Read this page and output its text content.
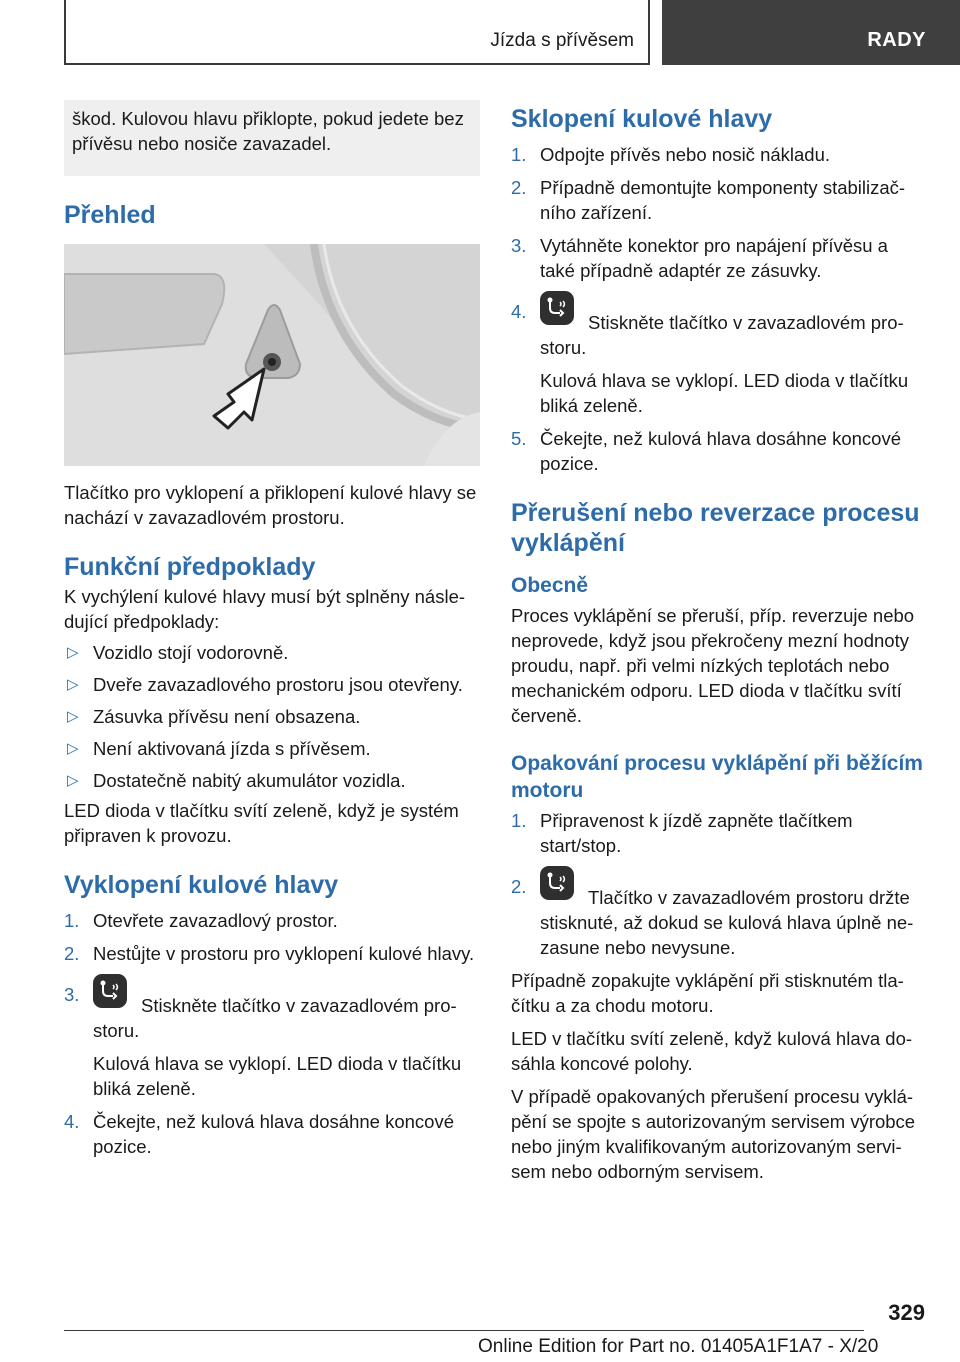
Jízda s přívěsem	RADY

škod. Kulovou hlavu přiklopte, pokud jedete bez přívěsu nebo nosiče zavazadel.

Přehled

Tlačítko pro vyklopení a přiklopení kulové hlavy se nachází v zavazadlovém prostoru.

Funkční předpoklady

K vychýlení kulové hlavy musí být splněny násle‐dující předpoklady:

▷ Vozidlo stojí vodorovně.
▷ Dveře zavazadlového prostoru jsou otevřeny.
▷ Zásuvka přívěsu není obsazena.
▷ Není aktivovaná jízda s přívěsem.
▷ Dostatečně nabitý akumulátor vozidla.

LED dioda v tlačítku svítí zeleně, když je systém připraven k provozu.

Vyklopení kulové hlavy
1. Otevřete zavazadlový prostor.
2. Nestůjte v prostoru pro vyklopení kulové hlavy.
3.
Stiskněte tlačítko v zavazadlovém pro‐storu.
Kulová hlava se vyklopí. LED dioda v tlačítku bliká zeleně.
4. Čekejte, než kulová hlava dosáhne koncové pozice.
Sklopení kulové hlavy
1. Odpojte přívěs nebo nosič nákladu.
2. Případně demontujte komponenty stabilizač‐ního zařízení.
3. Vytáhněte konektor pro napájení přívěsu a také případně adaptér ze zásuvky.
4.
Stiskněte tlačítko v zavazadlovém pro‐storu.
Kulová hlava se vyklopí. LED dioda v tlačítku bliká zeleně.
5. Čekejte, než kulová hlava dosáhne koncové pozice.
Přerušení nebo reverzace procesu vyklápění
Obecně

Proces vyklápění se přeruší, příp. reverzuje nebo neprovede, když jsou překročeny mezní hodnoty proudu, např. při velmi nízkých teplotách nebo mechanickém odporu. LED dioda v tlačítku svítí červeně.

Opakování procesu vyklápění při běžícím motoru
1. Připravenost k jízdě zapněte tlačítkem start/stop.
2.
Tlačítko v zavazadlovém prostoru držte stisknuté, až dokud se kulová hlava úplně ne‐zasune nebo nevysune.

Případně zopakujte vyklápění při stisknutém tla‐čítku a za chodu motoru.

LED v tlačítku svítí zeleně, když kulová hlava do‐sáhla koncové polohy.

V případě opakovaných přerušení procesu vyklá‐pění se spojte s autorizovaným servisem výrobce nebo jiným kvalifikovaným autorizovaným servi‐sem nebo odborným servisem.

329
Online Edition for Part no. 01405A1F1A7 - X/20
